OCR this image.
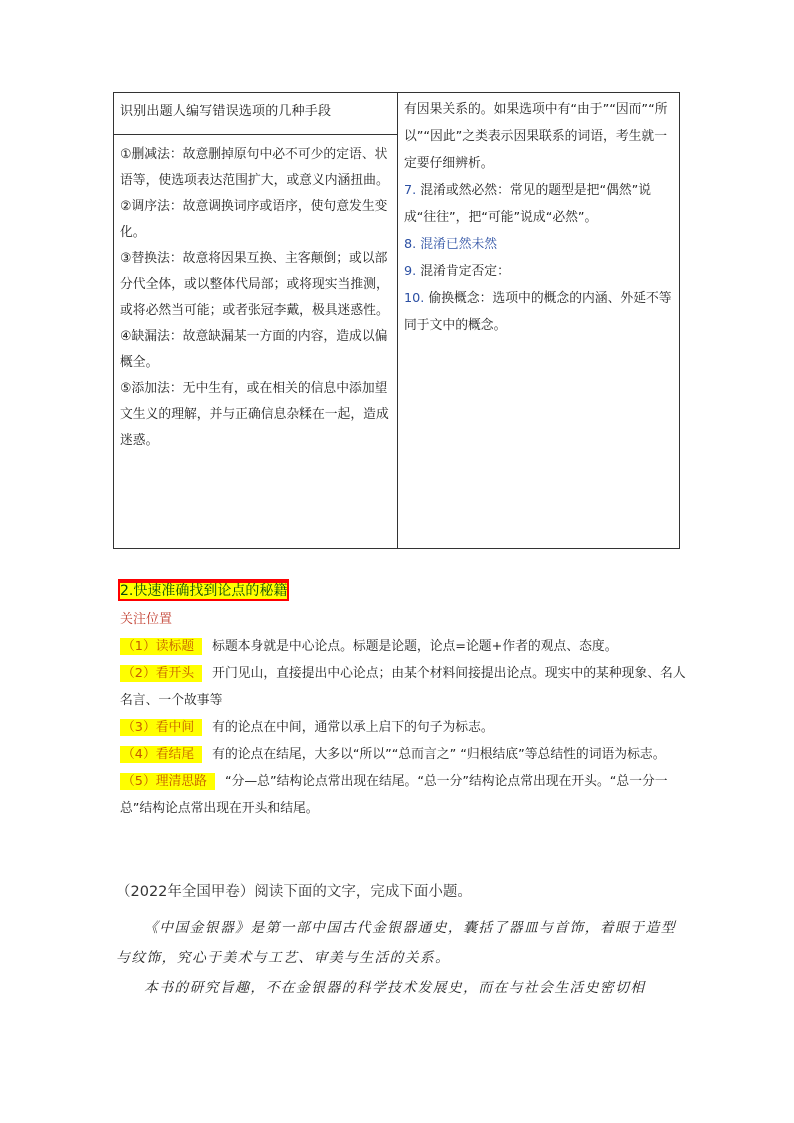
识别出题人编写错误选项的几种手段

①删减法：故意删掉原句中必不可少的定语、状语等，使选项表达范围扩大，或意义内涵扭曲。

②调序法：故意调换词序或语序，使句意发生变化。

③替换法：故意将因果互换、主客颠倒；或以部分代全体，或以整体代局部；或将现实当推测，或将必然当可能；或者张冠李戴，极具迷惑性。

④缺漏法：故意缺漏某一方面的内容，造成以偏概全。

⑤添加法：无中生有，或在相关的信息中添加望文生义的理解，并与正确信息杂糅在一起，造成迷惑。

有因果关系的。如果选项中有“由于”“因而”“所以”“因此”之类表示因果联系的词语，考生就一定要仔细辨析。

7. 混淆或然必然：常见的题型是把“偶然”说成“往往”，把“可能”说成“必然”。

8. 混淆已然未然

9. 混淆肯定否定：

10. 偷换概念：选项中的概念的内涵、外延不等同于文中的概念。

2.快速准确找到论点的秘籍
关注位置

（1）读标题 标题本身就是中心论点。标题是论题，论点=论题+作者的观点、态度。

（2）看开头 开门见山，直接提出中心论点；由某个材料间接提出论点。现实中的某种现象、名人名言、一个故事等

（3）看中间 有的论点在中间，通常以承上启下的句子为标志。

（4）看结尾 有的论点在结尾，大多以“所以”“总而言之” “归根结底”等总结性的词语为标志。

（5）理清思路 “分—总”结构论点常出现在结尾。“总一分”结构论点常出现在开头。“总一分一总”结构论点常出现在开头和结尾。

（2022年全国甲卷）阅读下面的文字，完成下面小题。

《中国金银器》是第一部中国古代金银器通史，囊括了器皿与首饰，着眼于造型与纹饰，究心于美术与工艺、审美与生活的关系。

本书的研究旨趣，不在金银器的科学技术发展史，而在与社会生活史密切相
